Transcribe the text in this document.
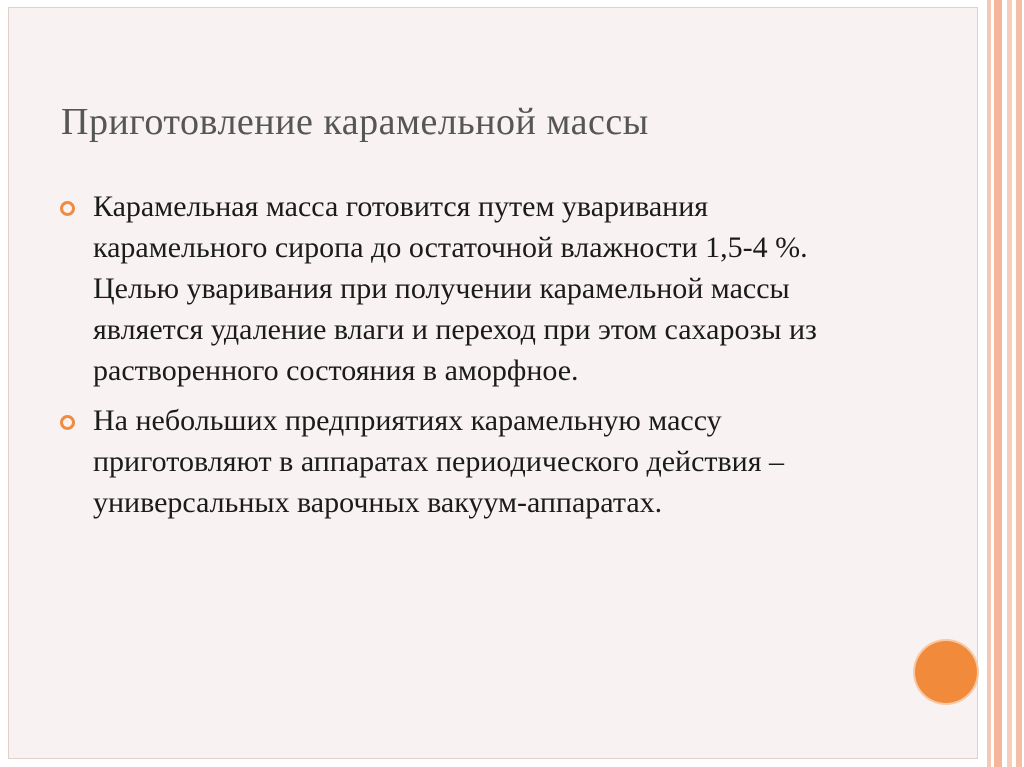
Приготовление карамельной массы
Карамельная масса готовится путем уваривания карамельного сиропа до остаточной влажности 1,5-4 %. Целью уваривания при получении карамельной массы является удаление влаги и переход при этом сахарозы из растворенного состояния в аморфное.
На небольших предприятиях карамельную массу приготовляют в аппаратах периодического действия – универсальных варочных вакуум-аппаратах.
